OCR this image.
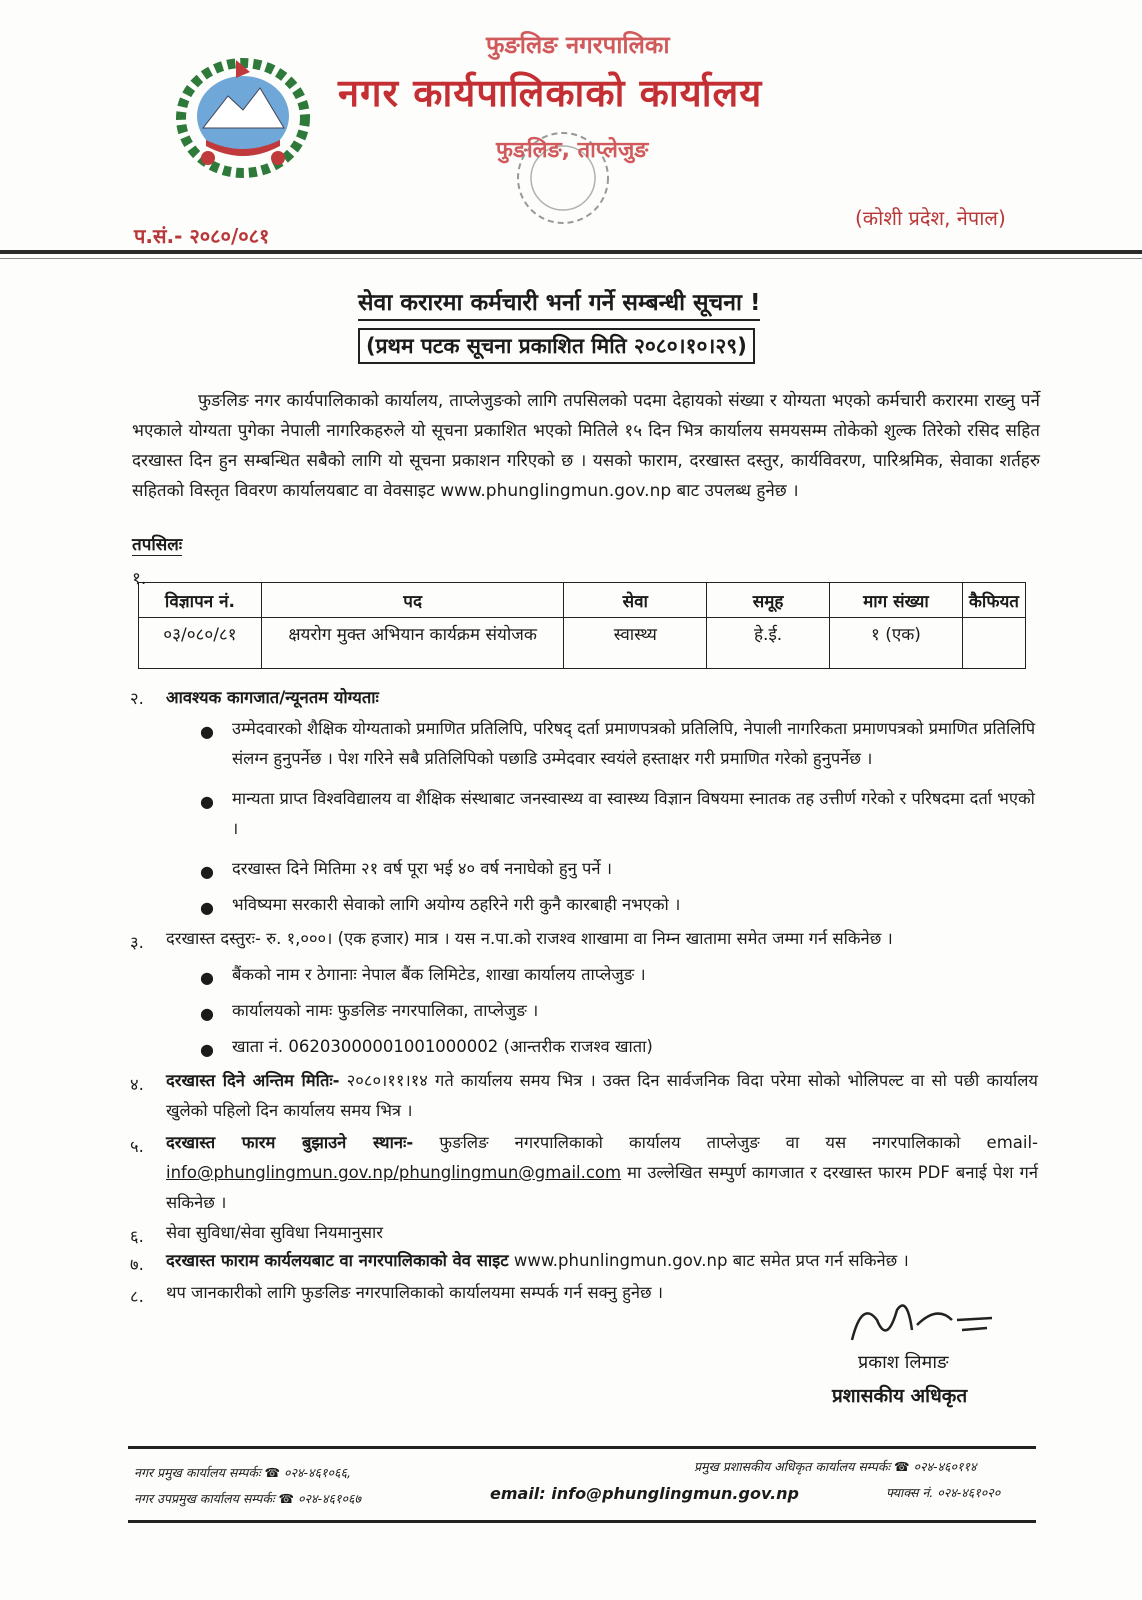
फुङलिङ नगरपालिका
नगर कार्यपालिकाको कार्यालय
फुङलिङ, ताप्लेजुङ
प.सं.- २०८०/०८१
(कोशी प्रदेश, नेपाल)
सेवा करारमा कर्मचारी भर्ना गर्ने सम्बन्धी सूचना !
(प्रथम पटक सूचना प्रकाशित मिति २०८०।१०।२९)
फुङलिङ नगर कार्यपालिकाको कार्यालय, ताप्लेजुङको लागि तपसिलको पदमा देहायको संख्या र योग्यता भएको कर्मचारी करारमा राख्नु पर्ने भएकाले योग्यता पुगेका नेपाली नागरिकहरुले यो सूचना प्रकाशित भएको मितिले १५ दिन भित्र कार्यालय समयसम्म तोकेको शुल्क तिरेको रसिद सहित दरखास्त दिन हुन सम्बन्धित सबैको लागि यो सूचना प्रकाशन गरिएको छ । यसको फाराम, दरखास्त दस्तुर, कार्यविवरण, पारिश्रमिक, सेवाका शर्तहरु सहितको विस्तृत विवरण कार्यालयबाट वा वेवसाइट www.phunglingmun.gov.np बाट उपलब्ध हुनेछ ।
तपसिलः
१.
विज्ञापन नं.	पद	सेवा	समूह	माग संख्या	कैफियत
०३/०८०/८१	क्षयरोग मुक्त अभियान कार्यक्रम संयोजक	स्वास्थ्य	हे.ई.	१ (एक)	
२. आवश्यक कागजात/न्यूनतम योग्यताः
● उम्मेदवारको शैक्षिक योग्यताको प्रमाणित प्रतिलिपि, परिषद् दर्ता प्रमाणपत्रको प्रतिलिपि, नेपाली नागरिकता प्रमाणपत्रको प्रमाणित प्रतिलिपि संलग्न हुनुपर्नेछ । पेश गरिने सबै प्रतिलिपिको पछाडि उम्मेदवार स्वयंले हस्ताक्षर गरी प्रमाणित गरेको हुनुपर्नेछ ।
● मान्यता प्राप्त विश्वविद्यालय वा शैक्षिक संस्थाबाट जनस्वास्थ्य वा स्वास्थ्य विज्ञान विषयमा स्नातक तह उत्तीर्ण गरेको र परिषदमा दर्ता भएको ।
● दरखास्त दिने मितिमा २१ वर्ष पूरा भई ४० वर्ष ननाघेको हुनु पर्ने ।
● भविष्यमा सरकारी सेवाको लागि अयोग्य ठहरिने गरी कुनै कारबाही नभएको ।
३. दरखास्त दस्तुरः- रु. १,०००। (एक हजार) मात्र । यस न.पा.को राजश्व शाखामा वा निम्न खातामा समेत जम्मा गर्न सकिनेछ ।
● बैंकको नाम र ठेगानाः नेपाल बैंक लिमिटेड, शाखा कार्यालय ताप्लेजुङ ।
● कार्यालयको नामः फुङलिङ नगरपालिका, ताप्लेजुङ ।
● खाता नं. 06203000001001000002 (आन्तरीक राजश्व खाता)
४. दरखास्त दिने अन्तिम मितिः- २०८०।११।१४ गते कार्यालय समय भित्र । उक्त दिन सार्वजनिक विदा परेमा सोको भोलिपल्ट वा सो पछी कार्यालय खुलेको पहिलो दिन कार्यालय समय भित्र ।
५. दरखास्त फारम बुझाउने स्थानः- फुङलिङ नगरपालिकाको कार्यालय ताप्लेजुङ वा यस नगरपालिकाको email- info@phunglingmun.gov.np/phunglingmun@gmail.com मा उल्लेखित सम्पुर्ण कागजात र दरखास्त फारम PDF बनाई पेश गर्न सकिनेछ ।
६. सेवा सुविधा/सेवा सुविधा नियमानुसार
७. दरखास्त फाराम कार्यलयबाट वा नगरपालिकाको वेव साइट www.phunlingmun.gov.np बाट समेत प्रप्त गर्न सकिनेछ ।
८. थप जानकारीको लागि फुङलिङ नगरपालिकाको कार्यालयमा सम्पर्क गर्न सक्नु हुनेछ ।
प्रकाश लिमाङ
प्रशासकीय अधिकृत
नगर प्रमुख कार्यालय सम्पर्कः ☎ ०२४-४६१०६६,
नगर उपप्रमुख कार्यालय सम्पर्कः ☎ ०२४-४६१०६७
प्रमुख प्रशासकीय अधिकृत कार्यालय सम्पर्कः ☎ ०२४-४६०११४
फ्याक्स नं. ०२४-४६१०२०
email: info@phunglingmun.gov.np
